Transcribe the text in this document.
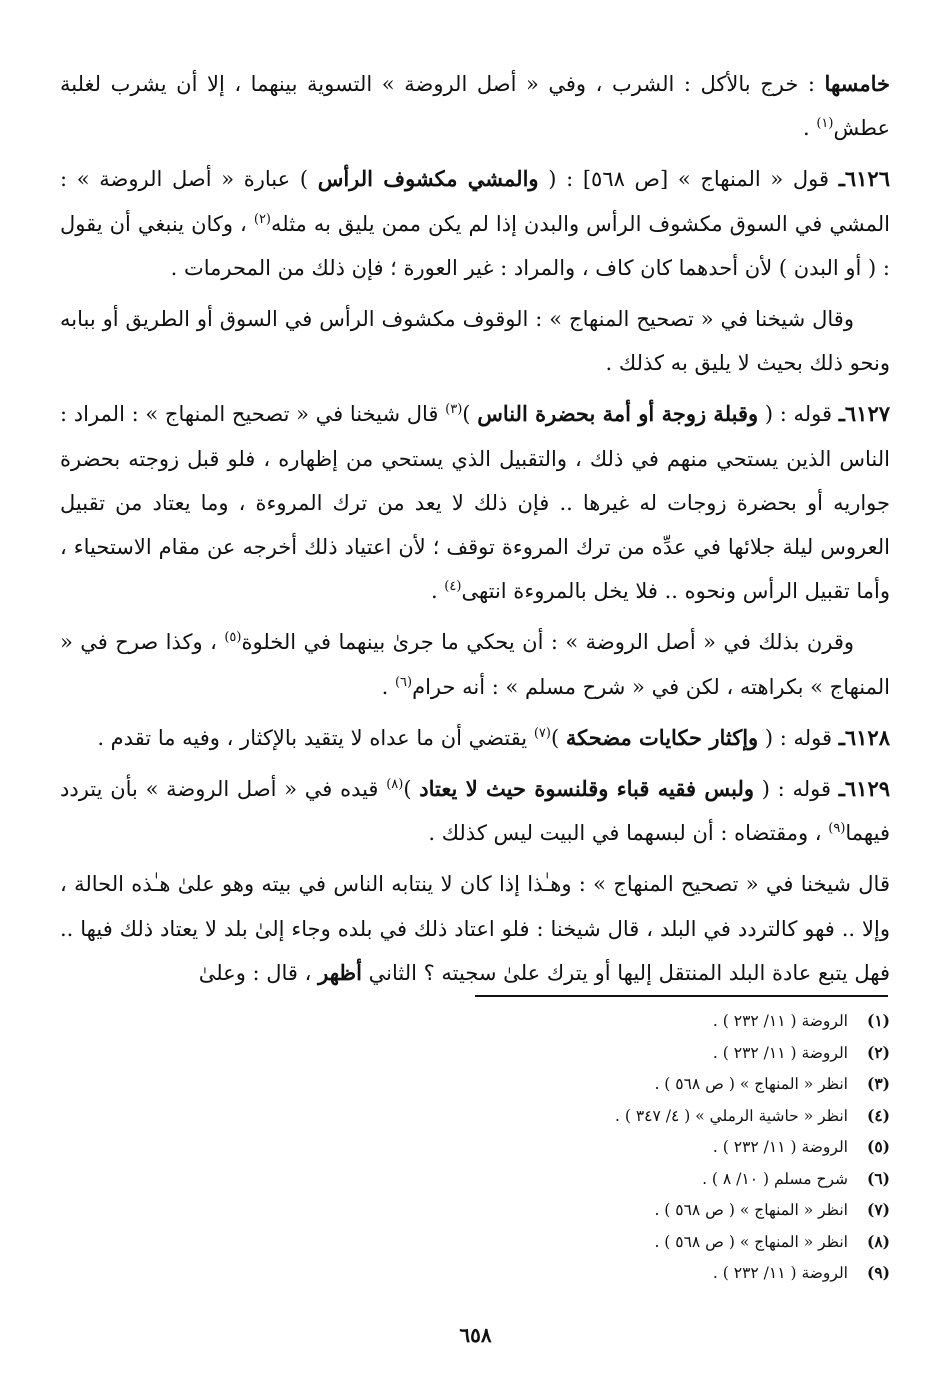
خامسها : خرج بالأكل : الشرب ، وفي « أصل الروضة » التسوية بينهما ، إلا أن يشرب لغلبة عطش$^{(١)}$ .

٦١٢٦ـ قول « المنهاج » [ص ٥٦٨] : ( والمشي مكشوف الرأس ) عبارة « أصل الروضة » : المشي في السوق مكشوف الرأس والبدن إذا لم يكن ممن يليق به مثله$^{(٢)}$ ، وكان ينبغي أن يقول : ( أو البدن ) لأن أحدهما كان كاف ، والمراد : غير العورة ؛ فإن ذلك من المحرمات .

وقال شيخنا في « تصحيح المنهاج » : الوقوف مكشوف الرأس في السوق أو الطريق أو ببابه ونحو ذلك بحيث لا يليق به كذلك .

٦١٢٧ـ قوله : ( وقبلة زوجة أو أمة بحضرة الناس )$^{(٣)}$ قال شيخنا في « تصحيح المنهاج » : المراد : الناس الذين يستحي منهم في ذلك ، والتقبيل الذي يستحي من إظهاره ، فلو قبل زوجته بحضرة جواريه أو بحضرة زوجات له غيرها .. فإن ذلك لا يعد من ترك المروءة ، وما يعتاد من تقبيل العروس ليلة جلائها في عدِّه من ترك المروءة توقف ؛ لأن اعتياد ذلك أخرجه عن مقام الاستحياء ، وأما تقبيل الرأس ونحوه .. فلا يخل بالمروءة انتهى$^{(٤)}$ .

وقرن بذلك في « أصل الروضة » : أن يحكي ما جرىٰ بينهما في الخلوة$^{(٥)}$ ، وكذا صرح في « المنهاج » بكراهته ، لكن في « شرح مسلم » : أنه حرام$^{(٦)}$ .

٦١٢٨ـ قوله : ( وإكثار حكايات مضحكة )$^{(٧)}$ يقتضي أن ما عداه لا يتقيد بالإكثار ، وفيه ما تقدم .

٦١٢٩ـ قوله : ( ولبس فقيه قباء وقلنسوة حيث لا يعتاد )$^{(٨)}$ قيده في « أصل الروضة » بأن يتردد فيهما$^{(٩)}$ ، ومقتضاه : أن لبسهما في البيت ليس كذلك .

قال شيخنا في « تصحيح المنهاج » : وهـٰذا إذا كان لا ينتابه الناس في بيته وهو علىٰ هـٰذه الحالة ، وإلا .. فهو كالتردد في البلد ، قال شيخنا : فلو اعتاد ذلك في بلده وجاء إلىٰ بلد لا يعتاد ذلك فيها .. فهل يتبع عادة البلد المنتقل إليها أو يترك علىٰ سجيته ؟ الثاني أظهر ، قال : وعلىٰ

(١)الروضة ( ١١/ ٢٣٢ ) .
(٢)الروضة ( ١١/ ٢٣٢ ) .
(٣)انظر « المنهاج » ( ص ٥٦٨ ) .
(٤)انظر « حاشية الرملي » ( ٤/ ٣٤٧ ) .
(٥)الروضة ( ١١/ ٢٣٢ ) .
(٦)شرح مسلم ( ١٠/ ٨ ) .
(٧)انظر « المنهاج » ( ص ٥٦٨ ) .
(٨)انظر « المنهاج » ( ص ٥٦٨ ) .
(٩)الروضة ( ١١/ ٢٣٢ ) .
٦٥٨
